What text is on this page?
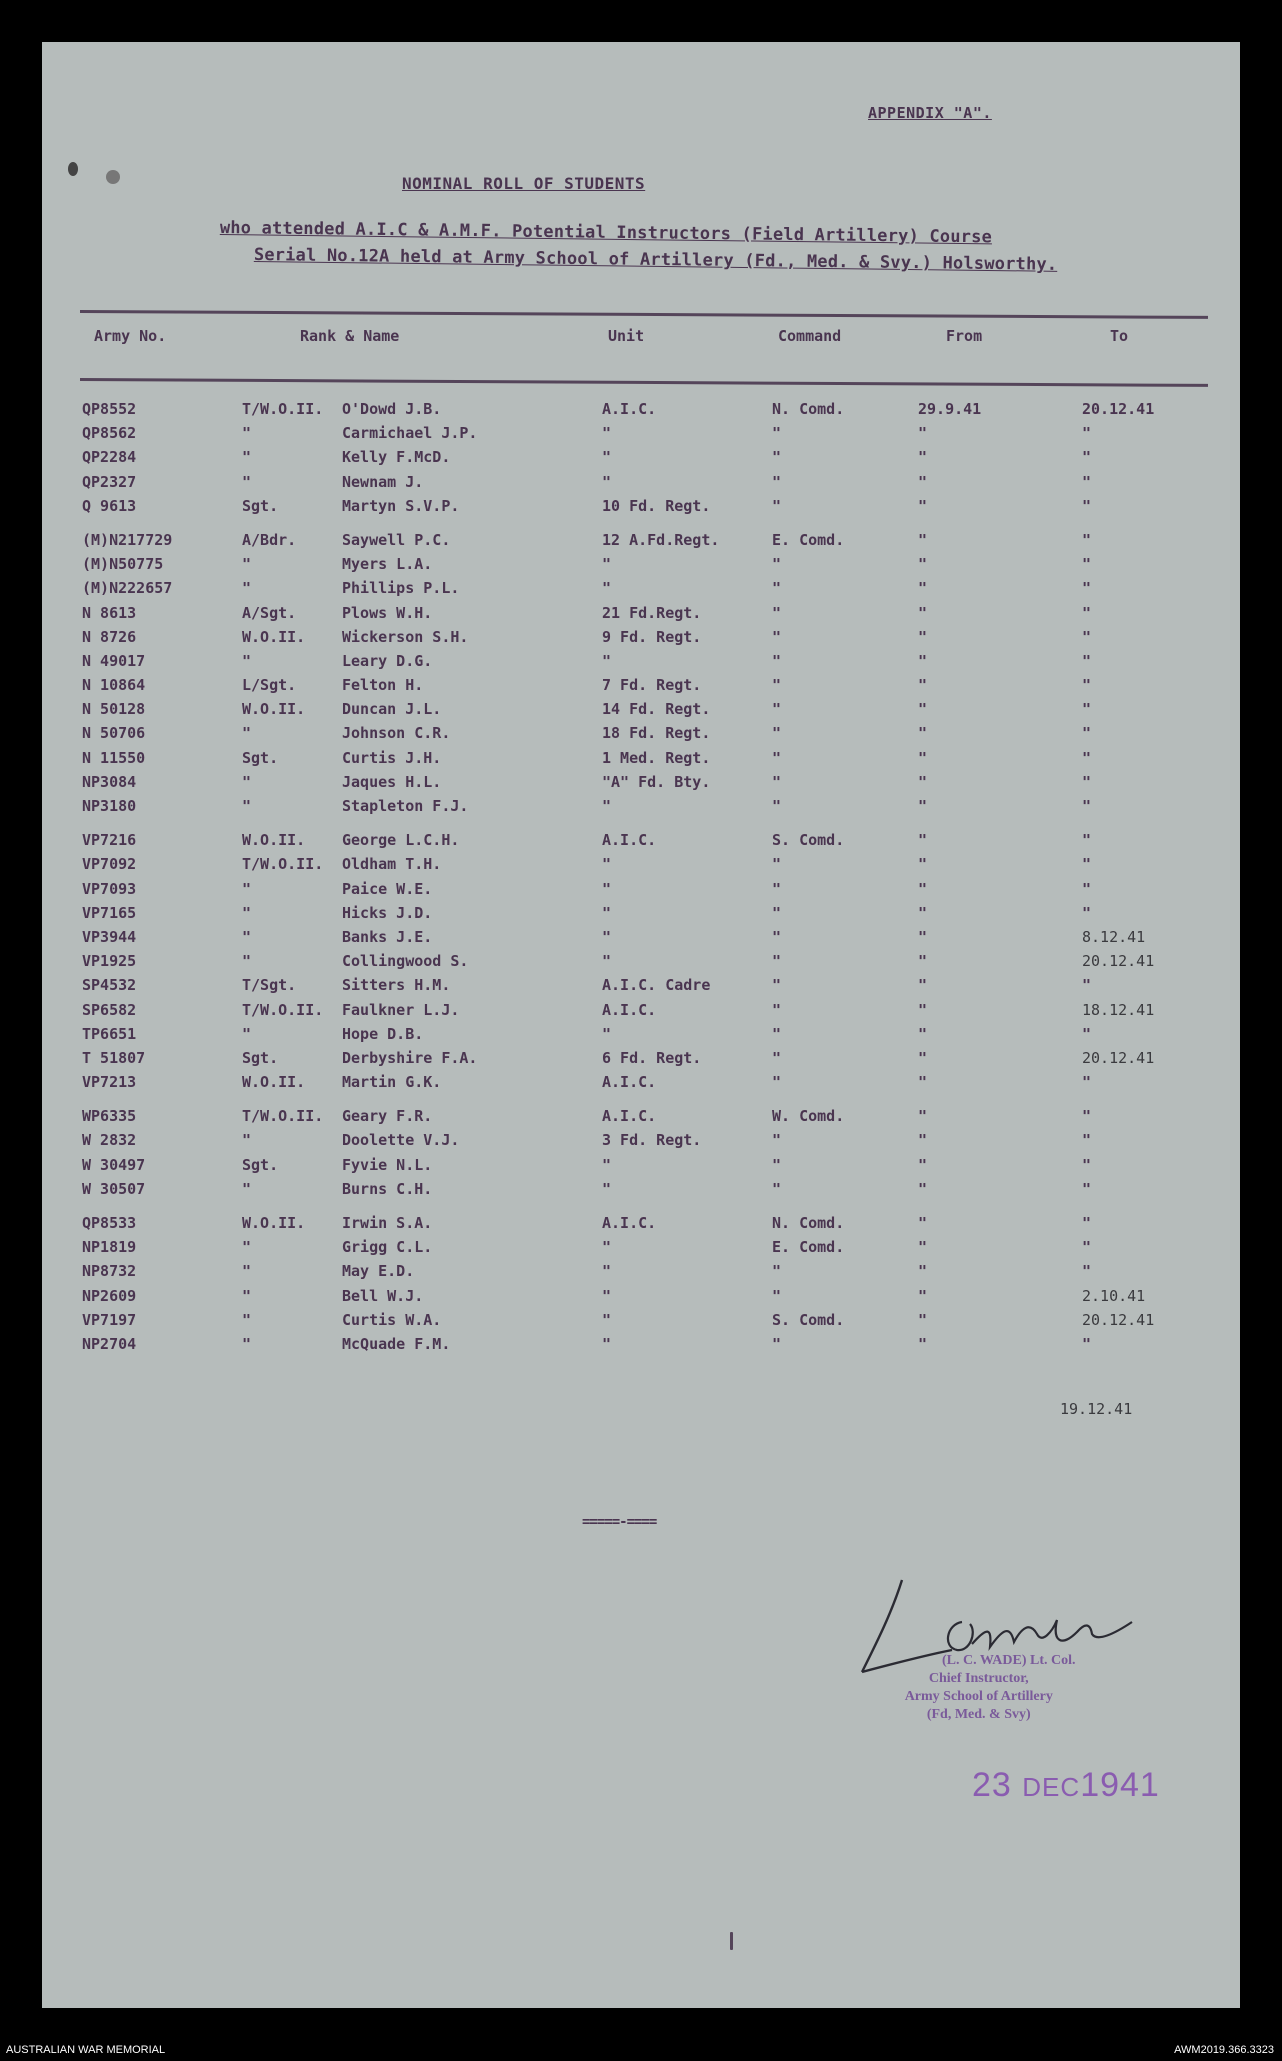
APPENDIX "A".
NOMINAL ROLL OF STUDENTS
who attended A.I.C & A.M.F. Potential Instructors (Field Artillery) Course
Serial No.12A held at Army School of Artillery (Fd., Med. & Svy.) Holsworthy.
Army No.	Rank & Name	Unit	Command	From	To
QP8552	T/W.O.II. O'Dowd J.B.	A.I.C.	N. Comd.	29.9.41	20.12.41
QP8562	"	Carmichael J.P.	"	"	"	"
QP2284	"	Kelly F.McD.	"	"	"	"
QP2327	"	Newnam J.	"	"	"	"
Q 9613	Sgt.	Martyn S.V.P.	10 Fd. Regt.	"	"	"
(M)N217729	A/Bdr.	Saywell P.C.	12 A.Fd.Regt.	E. Comd.	"	"
(M)N50775	"	Myers L.A.	"	"	"	"
(M)N222657	"	Phillips P.L.	"	"	"	"
N 8613	A/Sgt.	Plows W.H.	21 Fd.Regt.	"	"	"
N 8726	W.O.II. Wickerson S.H.	9 Fd. Regt.	"	"	"
N 49017	"	Leary D.G.	"	"	"	"
N 10864	L/Sgt.	Felton H.	7 Fd. Regt.	"	"	"
N 50128	W.O.II. Duncan J.L.	14 Fd. Regt.	"	"	"
N 50706	"	Johnson C.R.	18 Fd. Regt.	"	"	"
N 11550	Sgt.	Curtis J.H.	1 Med. Regt.	"	"	"
NP3084	"	Jaques H.L.	"A" Fd. Bty.	"	"	"
NP3180	"	Stapleton F.J.	"	"	"	"
VP7216	W.O.II. George L.C.H.	A.I.C.	S. Comd.	"	"
VP7092	T/W.O.II. Oldham T.H.	"	"	"	"
VP7093	"	Paice W.E.	"	"	"	"
VP7165	"	Hicks J.D.	"	"	"	"
VP3944	"	Banks J.E.	"	"	"	8.12.41
VP1925	"	Collingwood S.	"	"	"	20.12.41
SP4532	T/Sgt.	Sitters H.M.	A.I.C. Cadre	"	"	"
SP6582	T/W.O.II. Faulkner L.J.	A.I.C.	"	"	18.12.41
TP6651	"	Hope D.B.	"	"	"	"
T 51807	Sgt.	Derbyshire F.A.	6 Fd. Regt.	"	"	20.12.41
VP7213	W.O.II. Martin G.K.	A.I.C.	"	"	"
WP6335	T/W.O.II. Geary F.R.	A.I.C.	W. Comd.	"	"
W 2832	"	Doolette V.J.	3 Fd. Regt.	"	"	"
W 30497	Sgt.	Fyvie N.L.	"	"	"	"
W 30507	"	Burns C.H.	"	"	"	"
QP8533	W.O.II. Irwin S.A.	A.I.C.	N. Comd.	"	"
NP1819	"	Grigg C.L.	"	E. Comd.	"	"
NP8732	"	May E.D.	"	"	"	"
NP2609	"	Bell W.J.	"	"	"	2.10.41
VP7197	"	Curtis W.A.	"	S. Comd.	"	20.12.41
NP2704	"	McQuade F.M.	"	"	"	"
19.12.41
=====-====
(L. C. WADE) Lt. Col.
Chief Instructor,
Army School of Artillery
(Fd, Med. & Svy)
23 DEC1941
AUSTRALIAN WAR MEMORIAL	AWM2019.366.3323
